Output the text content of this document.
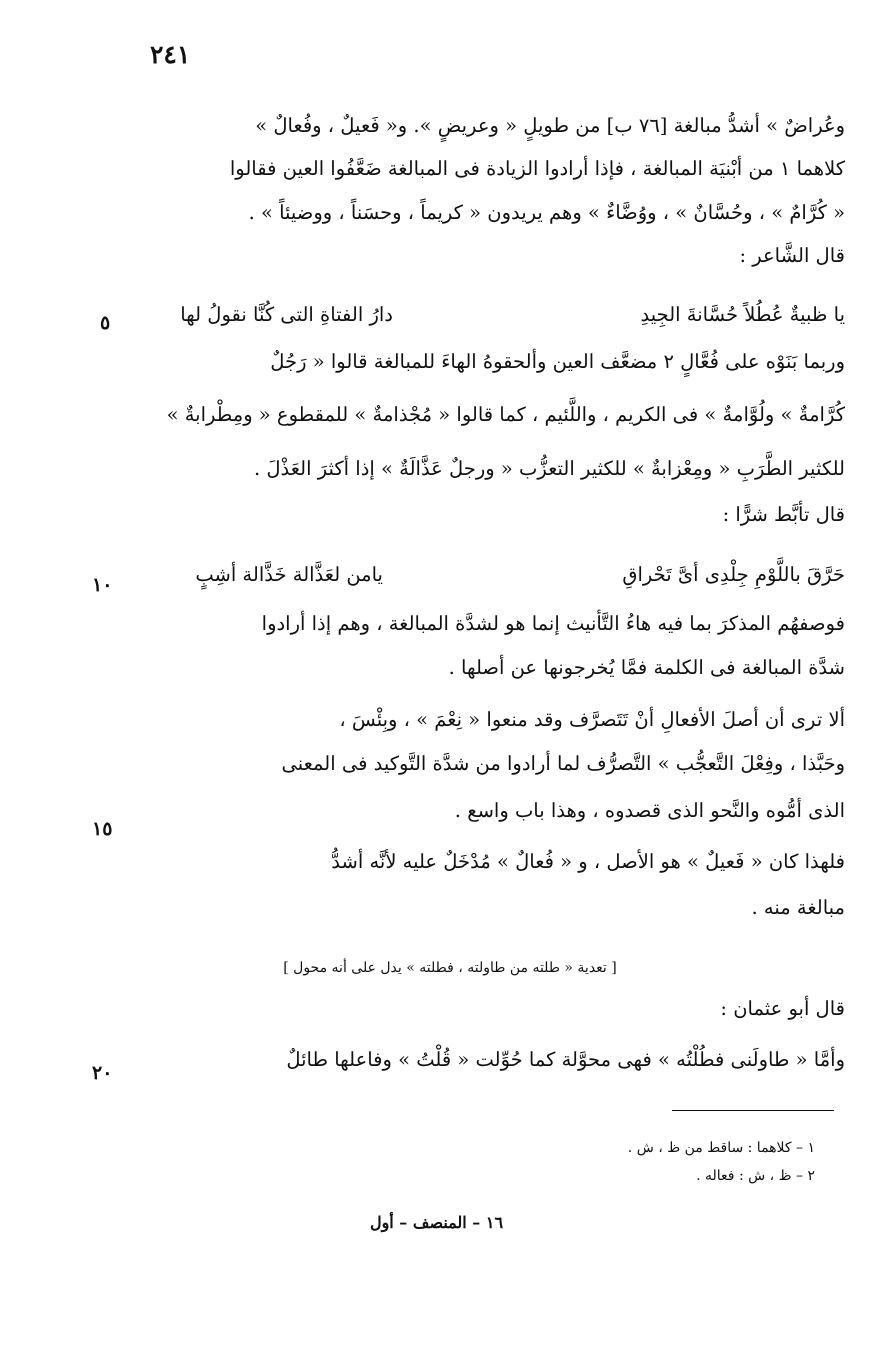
٢٤١
وعُراضٌ » أشدُّ مبالغة [٧٦ ب] من طويلٍ « وعريضٍ ». و« فَعيلٌ ، وفُعالٌ »
كلاهما ١ من أبْنيَة المبالغة ، فإذا أرادوا الزيادة فى المبالغة ضَعَّفُوا العين فقالوا
« كُرَّامٌ » ، وحُسَّانٌ » ، ووُضَّاءٌ » وهم يريدون « كريماً ، وحسَناً ، ووضيئاً » .
قال الشَّاعر :
وربما بَنَوْه على فُعَّالٍ ٢ مضعَّف العين وألحقوهُ الهاءَ للمبالغة قالوا « رَجُلٌ
كُرَّامةٌ » ولُوَّامةٌ » فى الكريم ، واللَّئيم ، كما قالوا « مُجْذامةٌ » للمقطوع « ومِطْرابةٌ »
للكثير الطَّرَبِ « ومِعْزابةٌ » للكثير التعزُّب « ورجلٌ عَذَّالَةٌ » إذا أكثرَ العَذْلَ .
قال تأبَّط شرًّا :
فوصفهُم المذكرَ بما فيه هاءُ التَّأنيث إنما هو لشدَّة المبالغة ، وهم إذا أرادوا
شدَّة المبالغة فى الكلمة فمَّا يُخرجونها عن أصلها .
ألا ترى أن أصلَ الأفعالِ أنْ تَتَصرَّف وقد منعوا « نِعْمَ » ، وبِئْسَ ،
وحَبَّذا ، وفِعْلَ التَّعجُّب » التَّصرُّف لما أرادوا من شدَّة التَّوكيد فى المعنى
الذى أمُّوه والنَّحو الذى قصدوه ، وهذا باب واسع .
فلهذا كان « فَعيلٌ » هو الأصل ، و « فُعالٌ » مُدْخَلٌ عليه لأنَّه أشدُّ
مبالغة منه .
قال أبو عثمان :
وأمَّا « طاولَنى فطُلْتُه » فهى محوَّلة كما حُوِّلت « قُلْتُ » وفاعلها طائلٌ
دارُ الفتاةِ التى كُنَّا نقولُ لها	يا ظبيةٌ عُطُلاً حُسَّانةَ الجِيدِ
يامن لعَذَّالة خَذَّالة أشِبٍ	حَرَّقَ باللَّوْمِ جِلْدِى أىَّ تَحْراقِ
٥
١٠
١٥
٢٠
[ تعدية « طلته من طاولته ، فطلته » يدل على أنه محول ]
١ – كلاهما : ساقط من ظ ، ش .
٢ – ظ ، ش : فعاله .
١٦ – المنصف – أول
